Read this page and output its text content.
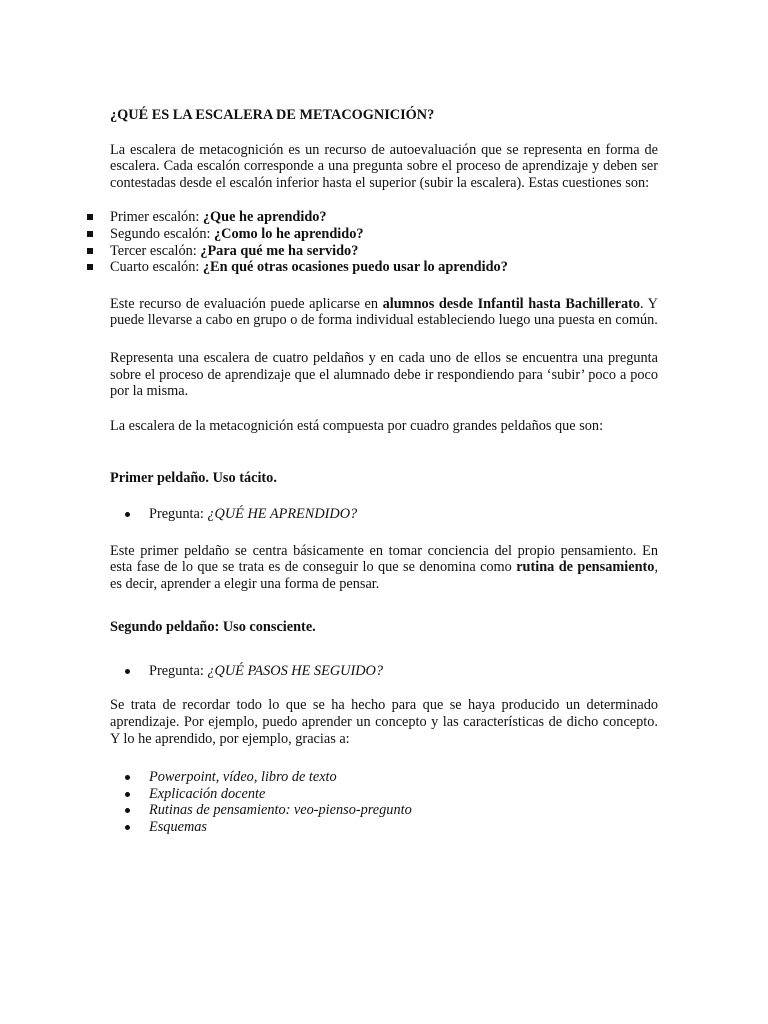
¿QUÉ ES LA ESCALERA DE METACOGNICIÓN?

La escalera de metacognición es un recurso de autoevaluación que se representa en forma de escalera. Cada escalón corresponde a una pregunta sobre el proceso de aprendizaje y deben ser contestadas desde el escalón inferior hasta el superior (subir la escalera). Estas cuestiones son:

Primer escalón: ¿Que he aprendido?
Segundo escalón: ¿Como lo he aprendido?
Tercer escalón: ¿Para qué me ha servido?
Cuarto escalón: ¿En qué otras ocasiones puedo usar lo aprendido?

Este recurso de evaluación puede aplicarse en alumnos desde Infantil hasta Bachillerato. Y puede llevarse a cabo en grupo o de forma individual estableciendo luego una puesta en común.

Representa una escalera de cuatro peldaños y en cada uno de ellos se encuentra una pregunta sobre el proceso de aprendizaje que el alumnado debe ir respondiendo para ‘subir’ poco a poco por la misma.

La escalera de la metacognición está compuesta por cuadro grandes peldaños que son:

Primer peldaño. Uso tácito.
Pregunta: ¿QUÉ HE APRENDIDO?

Este primer peldaño se centra básicamente en tomar conciencia del propio pensamiento. En esta fase de lo que se trata es de conseguir lo que se denomina como rutina de pensamiento, es decir, aprender a elegir una forma de pensar.

Segundo peldaño: Uso consciente.
Pregunta: ¿QUÉ PASOS HE SEGUIDO?

Se trata de recordar todo lo que se ha hecho para que se haya producido un determinado aprendizaje. Por ejemplo, puedo aprender un concepto y las características de dicho concepto. Y lo he aprendido, por ejemplo, gracias a:

Powerpoint, vídeo, libro de texto
Explicación docente
Rutinas de pensamiento: veo-pienso-pregunto
Esquemas
